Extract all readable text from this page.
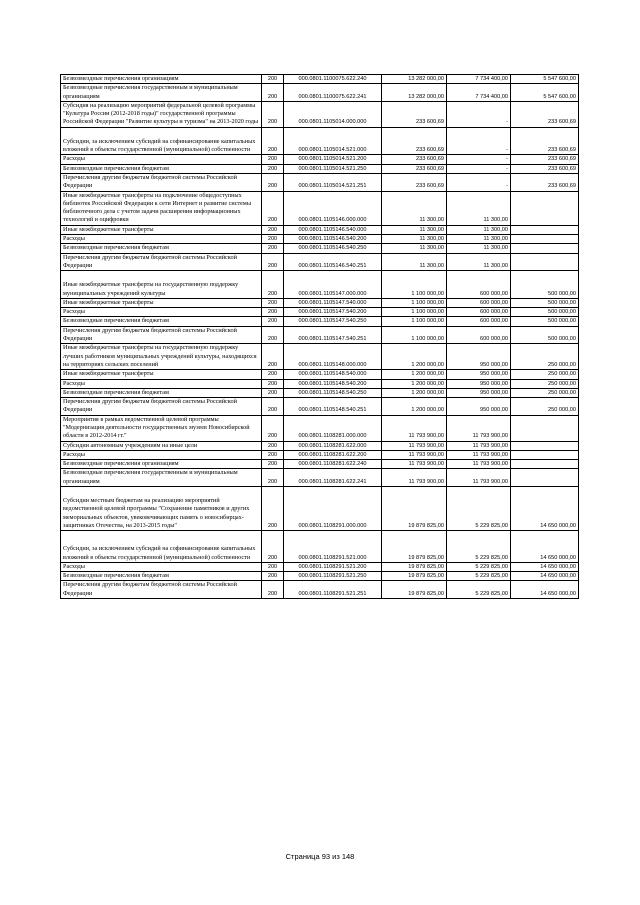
Безвозмездные перечисления организациям	200	000.0801.1100075.622.240	13 282 000,00	7 734 400,00	5 547 600,00
Безвозмездные перечисления государственным и муниципальным организациям	200	000.0801.1100075.622.241	13 282 000,00	7 734 400,00	5 547 600,00
Субсидия на реализацию мероприятий федеральной целевой программы "Культура России (2012-2018 годы)" государственной программы Российской Федерации "Развитие культуры и туризма" на 2013-2020 годы	200	000.0801.1105014.000.000	233 600,69	-	233 600,69
Субсидии, за исключением субсидий на софинансирование капитальных вложений в объекты государственной (муниципальной) собственности	200	000.0801.1105014.521.000	233 600,69	-	233 600,69
Расходы	200	000.0801.1105014.521.200	233 600,69	-	233 600,69
Безвозмездные перечисления бюджетам	200	000.0801.1105014.521.250	233 600,69	-	233 600,69
Перечисления другим бюджетам бюджетной системы Российской Федерации	200	000.0801.1105014.521.251	233 600,69	-	233 600,69
Иные межбюджетные трансферты на подключение общедоступных библиотек Российской Федерации к сети Интернет и развитие системы библиотечного дела с учетом задачи расширения информационных технологий и оцифровки	200	000.0801.1105146.000.000	11 300,00	11 300,00	
Иные межбюджетные трансферты	200	000.0801.1105146.540.000	11 300,00	11 300,00	
Расходы	200	000.0801.1105146.540.200	11 300,00	11 300,00	
Безвозмездные перечисления бюджетам	200	000.0801.1105146.540.250	11 300,00	11 300,00	
Перечисления другим бюджетам бюджетной системы Российской Федерации	200	000.0801.1105146.540.251	11 300,00	11 300,00	
Иные межбюджетные трансферты на государственную поддержку муниципальных учреждений культуры	200	000.0801.1105147.000.000	1 100 000,00	600 000,00	500 000,00
Иные межбюджетные трансферты	200	000.0801.1105147.540.000	1 100 000,00	600 000,00	500 000,00
Расходы	200	000.0801.1105147.540.200	1 100 000,00	600 000,00	500 000,00
Безвозмездные перечисления бюджетам	200	000.0801.1105147.540.250	1 100 000,00	600 000,00	500 000,00
Перечисления другим бюджетам бюджетной системы Российской Федерации	200	000.0801.1105147.540.251	1 100 000,00	600 000,00	500 000,00
Иные межбюджетные трансферты на государственную поддержку лучших работников муниципальных учреждений культуры, находящихся на территориях сельских поселений	200	000.0801.1105148.000.000	1 200 000,00	950 000,00	250 000,00
Иные межбюджетные трансферты	200	000.0801.1105148.540.000	1 200 000,00	950 000,00	250 000,00
Расходы	200	000.0801.1105148.540.200	1 200 000,00	950 000,00	250 000,00
Безвозмездные перечисления бюджетам	200	000.0801.1105148.540.250	1 200 000,00	950 000,00	250 000,00
Перечисления другим бюджетам бюджетной системы Российской Федерации	200	000.0801.1105148.540.251	1 200 000,00	950 000,00	250 000,00
Мероприятия в рамках ведомственной целевой программы "Модернизация деятельности государственных музеев Новосибирской области в 2012-2014 гг."	200	000.0801.1108281.000.000	11 793 900,00	11 793 900,00	
Субсидии автономным учреждениям на иные цели	200	000.0801.1108281.622.000	11 793 900,00	11 793 900,00	
Расходы	200	000.0801.1108281.622.200	11 793 900,00	11 793 900,00	
Безвозмездные перечисления организациям	200	000.0801.1108281.622.240	11 793 900,00	11 793 900,00	
Безвозмездные перечисления государственным и муниципальным организациям	200	000.0801.1108281.622.241	11 793 900,00	11 793 900,00	
Субсидии местным бюджетам на реализацию мероприятий ведомственной целевой программы "Сохранение памятников и других мемориальных объектов, увековечивающих память о новосибирцах-защитниках Отечества, на 2013-2015 годы"	200	000.0801.1108291.000.000	19 879 825,00	5 229 825,00	14 650 000,00
Субсидии, за исключением субсидий на софинансирование капитальных вложений в объекты государственной (муниципальной) собственности	200	000.0801.1108291.521.000	19 879 825,00	5 229 825,00	14 650 000,00
Расходы	200	000.0801.1108291.521.200	19 879 825,00	5 229 825,00	14 650 000,00
Безвозмездные перечисления бюджетам	200	000.0801.1108291.521.250	19 879 825,00	5 229 825,00	14 650 000,00
Перечисления другим бюджетам бюджетной системы Российской Федерации	200	000.0801.1108291.521.251	19 879 825,00	5 229 825,00	14 650 000,00
Страница 93 из 148
